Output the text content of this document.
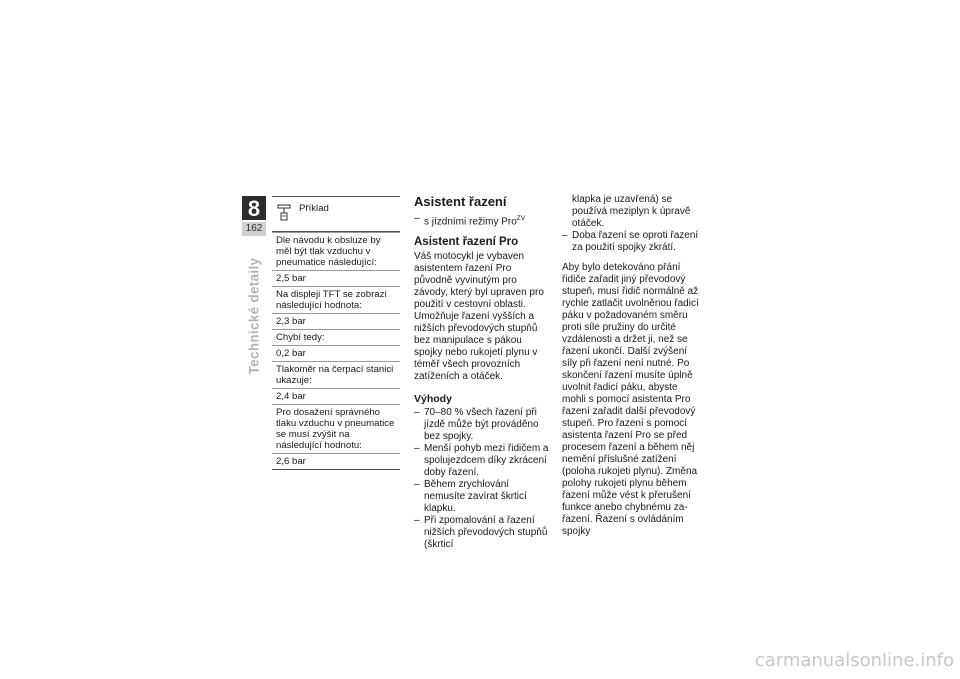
8
162
Technické detaily
Příklad
Dle návodu k obsluze by měl být tlak vzduchu v pneumatice následující:
2,5 bar
Na displeji TFT se zobrazí následující hodnota:
2,3 bar
Chybí tedy:
0,2 bar
Tlakoměr na čerpací stanici ukazuje:
2,4 bar
Pro dosažení správného tlaku vzduchu v pneumatice se musí zvýšit na následující hodnotu:
2,6 bar
Asistent řazení
– s jízdními režimy Pro$^{ZV}$
Asistent řazení Pro

Váš motocykl je vybaven asistentem řazení Pro původně vyvinutým pro závody, který byl upraven pro použití v cestovní oblasti. Umožňuje řazení vyšších a nižších převodových stupňů bez manipulace s pákou spojky nebo rukojetí plynu v téměř všech provozních zatíženích a otáček.

Výhody
– 70–80 % všech řazení při jízdě může být prováděno bez spojky.
– Menší pohyb mezi řidičem a spolujezdcem díky zkrácení doby řazení.
– Během zrychlování nemusíte zavírat škrticí klapku.
– Při zpomalování a řazení nižších převodových stupňů (škrticí
klapka je uzavřená) se používá meziplyn k úpravě otáček.
– Doba řazení se oproti řazení za použití spojky zkrátí.

Aby bylo detekováno přání řidiče zařadit jiný převodový stupeň, musí řidič normálně až rychle zatlačit uvolněnou řadicí páku v požadovaném směru proti síle pružiny do určité vzdálenosti a držet ji, než se řazení ukončí. Další zvýšení síly při řazení není nutné. Po skončení řazení musíte úplně uvolnit řadicí páku, abyste mohli s pomocí asistenta Pro řazení zařadit další převodový stupeň. Pro řazení s pomocí asistenta řazení Pro se před procesem řazení a během něj nemění příslušné zatížení (poloha rukojeti plynu). Změna polohy rukojeti plynu během řazení může vést k přerušení funkce anebo chybnému zařazení. Řazení s ovládáním spojky

carmanualsonline.info
